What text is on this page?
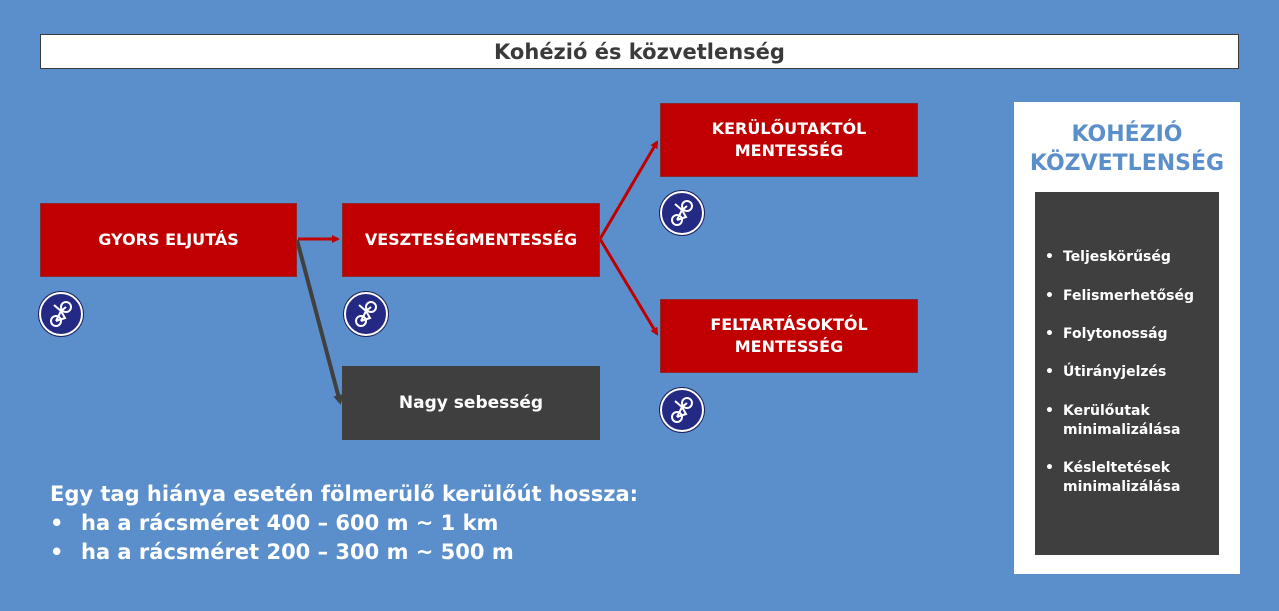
Kohézió és közvetlenség
GYORS ELJUTÁS	VESZTESÉGMENTESSÉG
KERÜLŐUTAKTÓL MENTESSÉG
FELTARTÁSOKTÓL MENTESSÉG
Nagy sebesség
Egy tag hiánya esetén fölmerülő kerülőút hossza:
• ha a rácsméret 400 – 600 m ~ 1 km
• ha a rácsméret 200 – 300 m ~ 500 m
KOHÉZIÓ
KÖZVETLENSÉG
• Teljeskörűség
• Felismerhetőség
• Folytonosság
• Útirányjelzés
• Kerülőutak minimalizálása
• Késleltetések minimalizálása
